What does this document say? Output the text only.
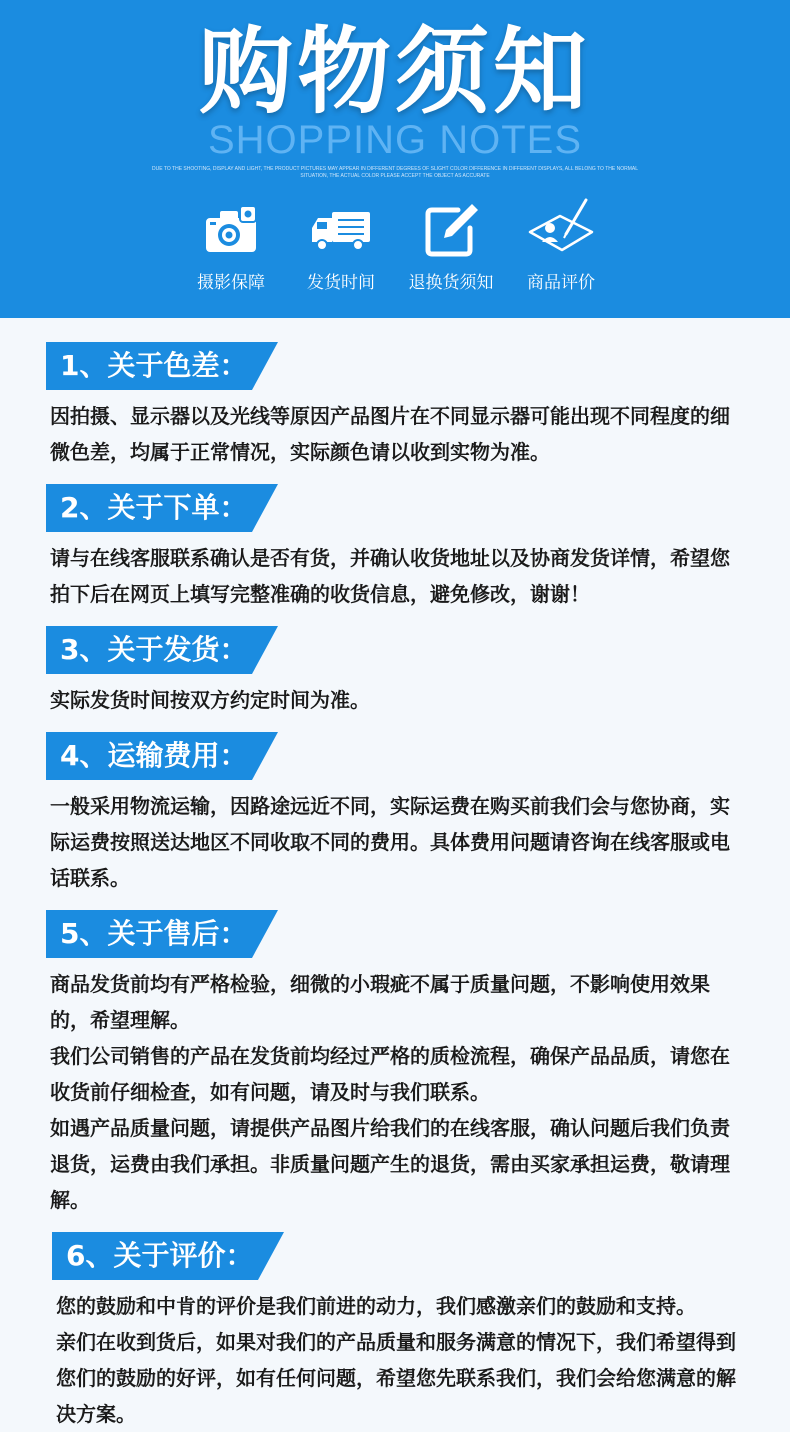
购物须知
SHOPPING NOTES
DUE TO THE SHOOTING, DISPLAY AND LIGHT, THE PRODUCT PICTURES MAY APPEAR IN DIFFERENT DEGREES OF SLIGHT COLOR DIFFERENCE IN DIFFERENT DISPLAYS, ALL BELONG TO THE NORMAL SITUATION, THE ACTUAL COLOR PLEASE ACCEPT THE OBJECT AS ACCURATE
摄影保障	发货时间	退换货须知	商品评价
1、关于色差：

因拍摄、显示器以及光线等原因产品图片在不同显示器可能出现不同程度的细微色差，均属于正常情况，实际颜色请以收到实物为准。

2、关于下单：

请与在线客服联系确认是否有货，并确认收货地址以及协商发货详情，希望您拍下后在网页上填写完整准确的收货信息，避免修改，谢谢！

3、关于发货：

实际发货时间按双方约定时间为准。

4、运输费用：

一般采用物流运输，因路途远近不同，实际运费在购买前我们会与您协商，实际运费按照送达地区不同收取不同的费用。具体费用问题请咨询在线客服或电话联系。

5、关于售后：

商品发货前均有严格检验，细微的小瑕疵不属于质量问题，不影响使用效果的，希望理解。

我们公司销售的产品在发货前均经过严格的质检流程，确保产品品质，请您在收货前仔细检查，如有问题，请及时与我们联系。

如遇产品质量问题，请提供产品图片给我们的在线客服，确认问题后我们负责退货，运费由我们承担。非质量问题产生的退货，需由买家承担运费，敬请理解。

6、关于评价：

您的鼓励和中肯的评价是我们前进的动力，我们感激亲们的鼓励和支持。

亲们在收到货后，如果对我们的产品质量和服务满意的情况下，我们希望得到您们的鼓励的好评，如有任何问题，希望您先联系我们，我们会给您满意的解决方案。
